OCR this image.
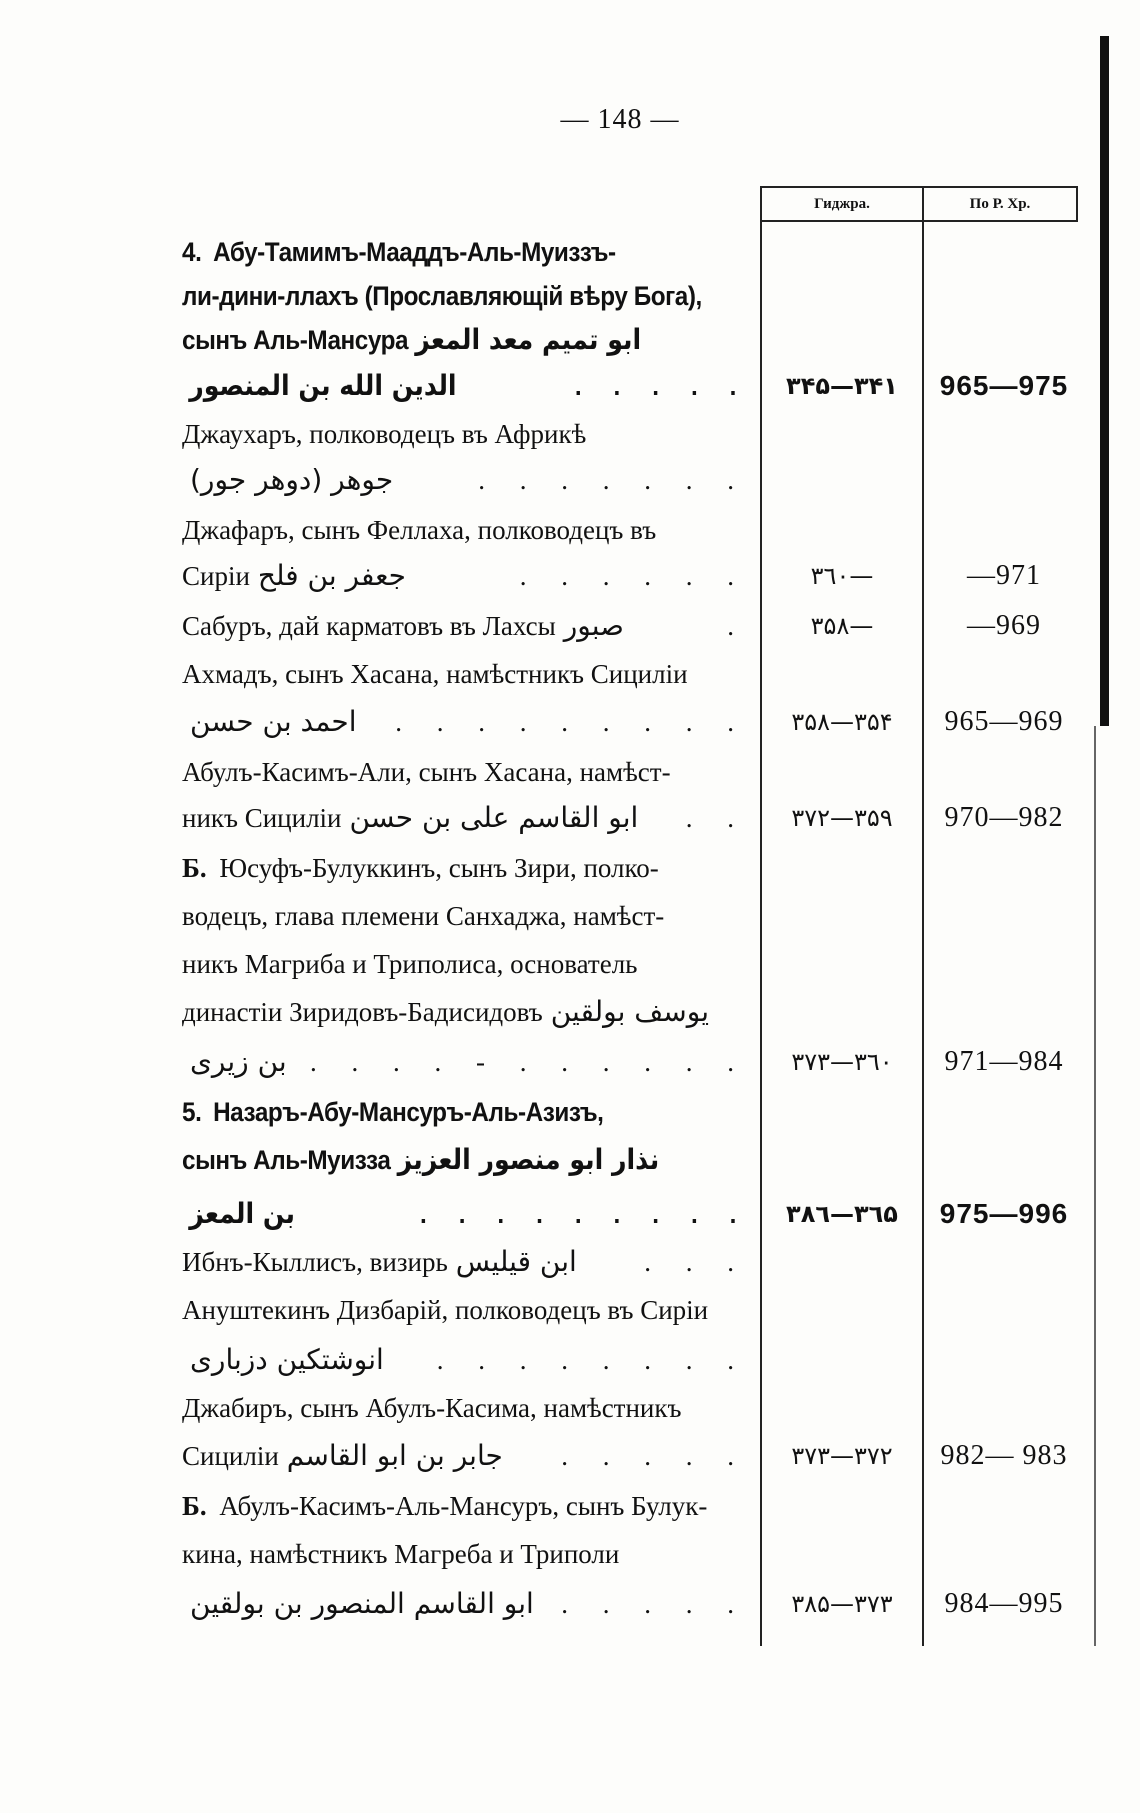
— 148 —
Гиджра.	По Р. Хр.
4. Абу-Тамимъ-Мааддъ-Аль-Муиззъ-
ли-дини-ллахъ (Прославляющій вѣру Бога),
сынъ Аль-Мансура ابو تميم معد المعز
الدين الله بن المنصور	. . . . .	۳۴۱—۳۴۵	965—975
Джаухаръ, полководецъ въ Африкѣ
جوهر (دوهر جور)	. . . . . . .
Джафаръ, сынъ Феллаха, полководецъ въ
Сиріи جعفر بن فلح	. . . . . .	—۳٦۰	—971
Сабуръ, дай карматовъ въ Лахсы صبور	.	—۳۵۸	—969
Ахмадъ, сынъ Хасана, намѣстникъ Сициліи
احمد بن حسن . . . . . . . . .	۳۵۴—۳۵۸	965—969
Абулъ-Касимъ-Али, сынъ Хасана, намѣст-
никъ Сициліи ابو القاسم على بن حسن . .	۳۵۹—۳۷۲	970—982
Б. Юсуфъ-Булуккинъ, сынъ Зири, полко-
водецъ, глава племени Санхаджа, намѣст-
никъ Магриба и Триполиса, основатель
династіи Зиридовъ-Бадисидовъ يوسف بولقين
بن زيرى . . . . - . . . . . .	۳٦۰—۳۷۳	971—984
5. Назаръ-Абу-Мансуръ-Аль-Азизъ,
сынъ Аль-Муизза نذار ابو منصور العزيز
بن المعز	. . . . . . . . .	۳٦۵—۳۸٦	975—996
Ибнъ-Кыллисъ, визирь ابن قيليس . . .
Ануштекинъ Дизбарій, полководецъ въ Сиріи
انوشتكين دزبارى . . . . . . . .
Джабиръ, сынъ Абулъ-Касима, намѣстникъ
Сициліи جابر بن ابو القاسم . . . . .	۳۷۲—۳۷۳	982— 983
Б. Абулъ-Касимъ-Аль-Мансуръ, сынъ Булук-
кина, намѣстникъ Магреба и Триполи
ابو القاسم المنصور بن بولقين . . . . .	۳۷۳—۳۸۵	984—995
